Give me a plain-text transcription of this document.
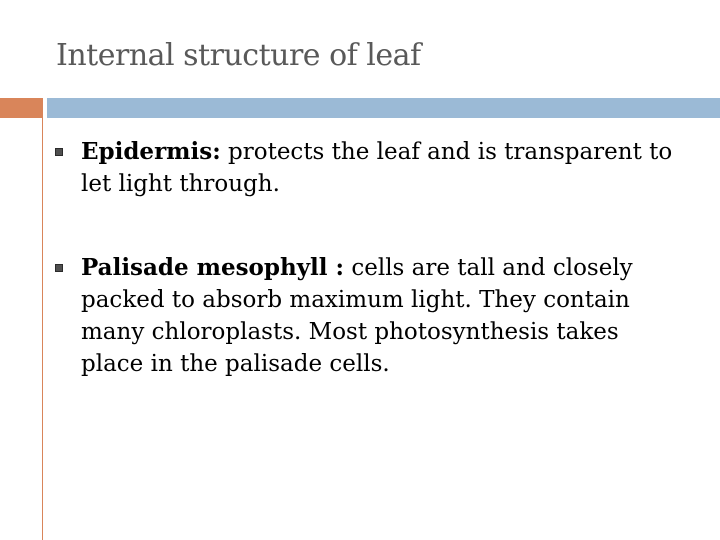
Internal structure of leaf
Epidermis: protects the leaf and is transparent to let light through.
Palisade mesophyll : cells are tall and closely packed to absorb maximum light. They contain many chloroplasts. Most photosynthesis takes place in the palisade cells.
